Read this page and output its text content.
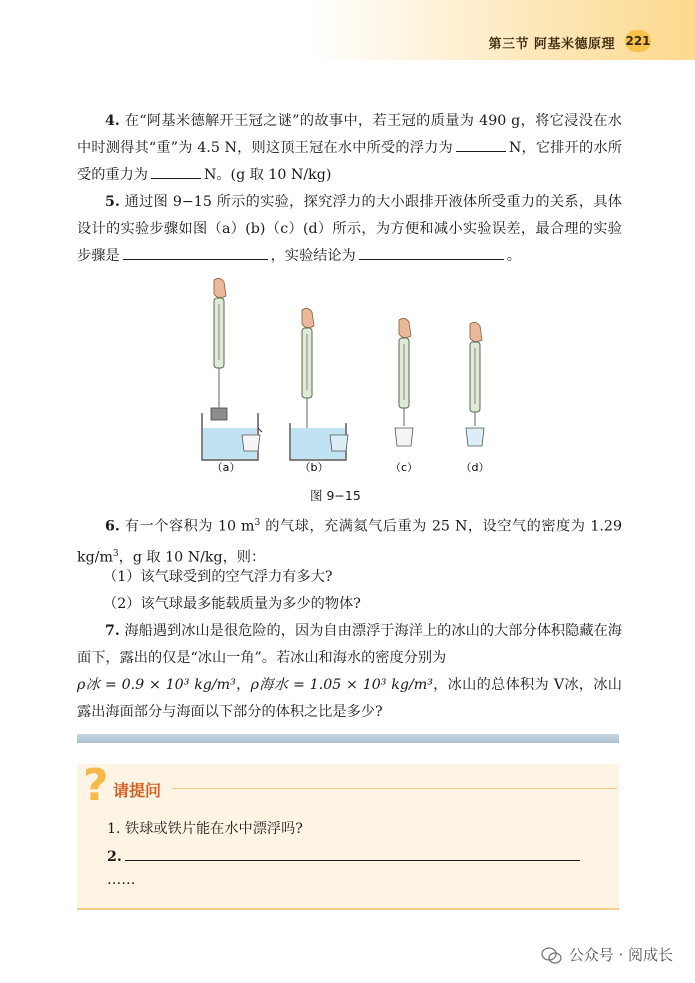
第三节 阿基米德原理 221
4. 在“阿基米德解开王冠之谜”的故事中，若王冠的质量为 490 g，将它浸没在水中时测得其“重”为 4.5 N，则这顶王冠在水中所受的浮力为	N，它排开的水所受的重力为	N。(g 取 10 N/kg)
5. 通过图 9−15 所示的实验，探究浮力的大小跟排开液体所受重力的关系，具体设计的实验步骤如图（a）(b)（c）(d）所示，为方便和减小实验误差，最合理的实验步骤是	，实验结论为	。
（a）	（b）	（c）	（d）
图 9−15
6. 有一个容积为 10 $m^3$ 的气球，充满氦气后重为 25 N，设空气的密度为 1.29 $kg/m^3$，g 取 10 N/kg，则：
（1）该气球受到的空气浮力有多大?
（2）该气球最多能载质量为多少的物体?
7. 海船遇到冰山是很危险的，因为自由漂浮于海洋上的冰山的大部分体积隐藏在海面下，露出的仅是“冰山一角”。若冰山和海水的密度分别为
ρ冰 = 0.9 × 10³ kg/m³，ρ海水 = 1.05 × 10³ kg/m³，冰山的总体积为 V冰，冰山露出海面部分与海面以下部分的体积之比是多少?
? 请提问
1. 铁球或铁片能在水中漂浮吗?
2.
……
公众号 · 阅成长
